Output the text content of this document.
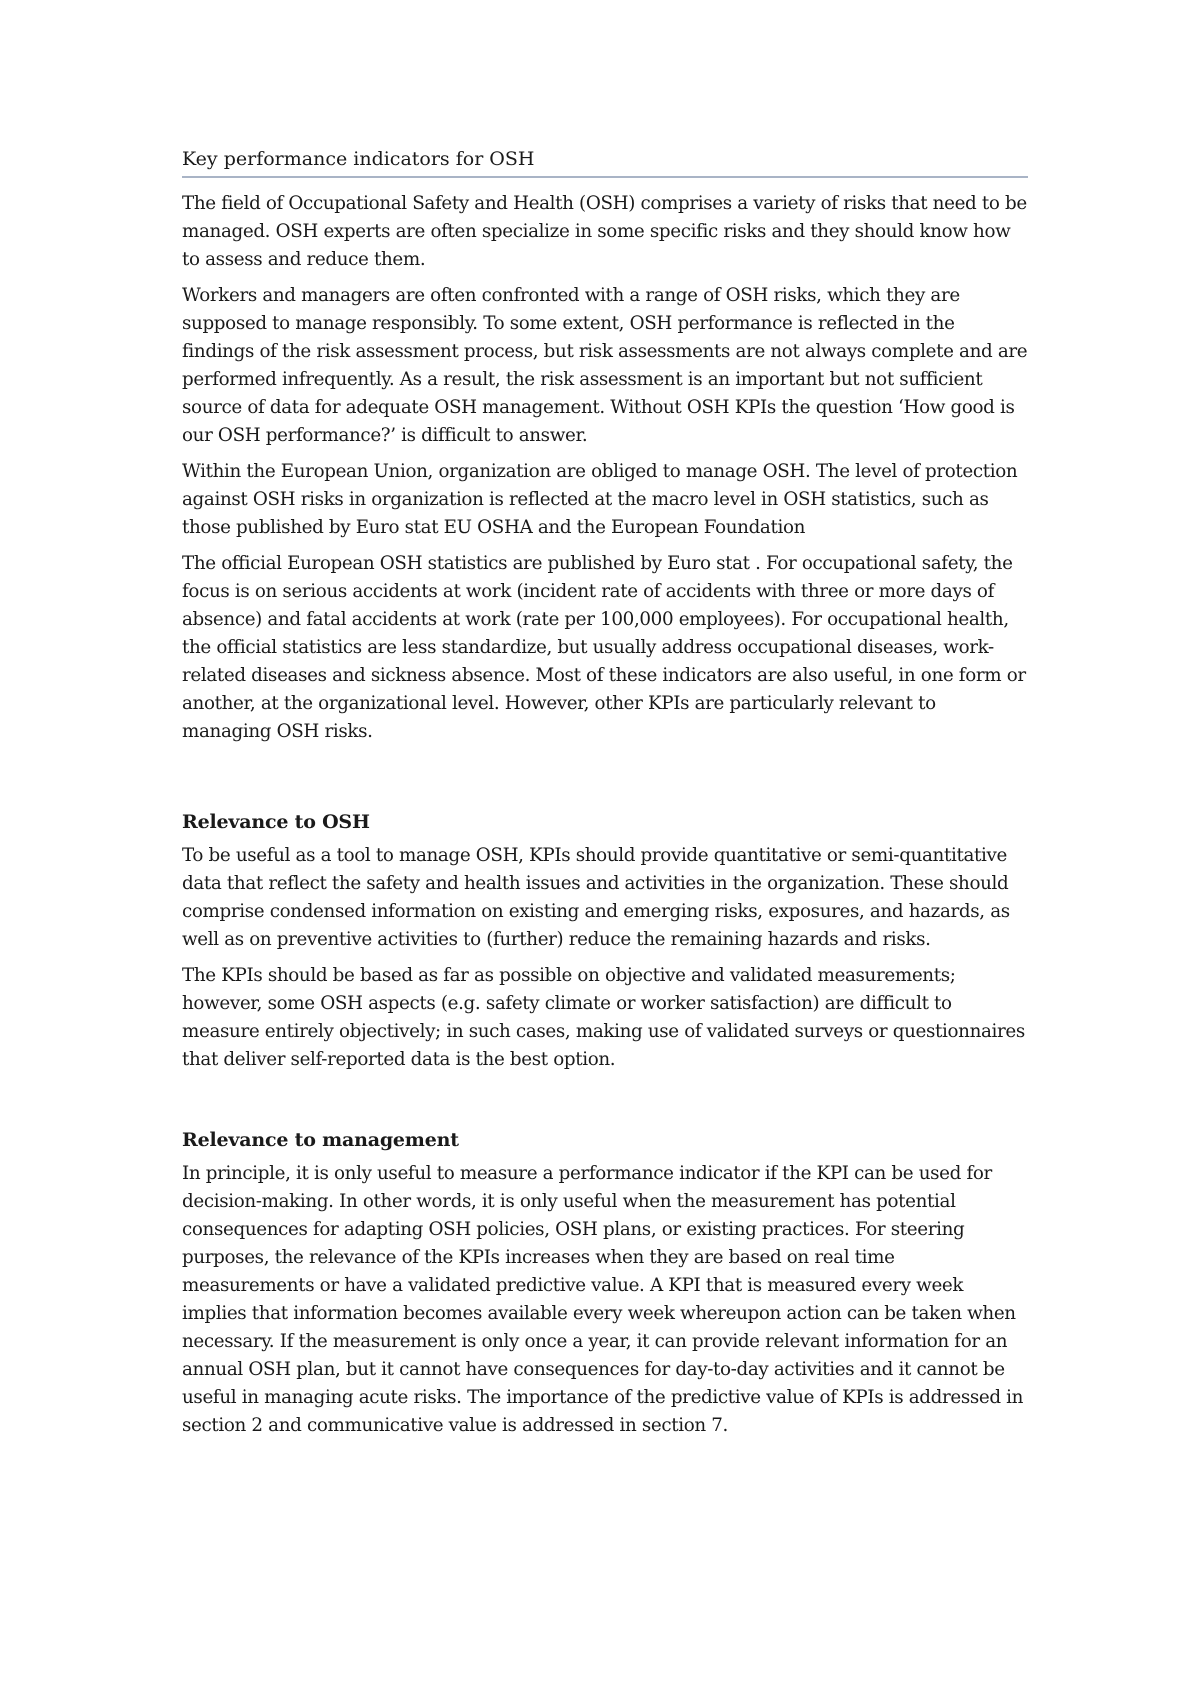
Key performance indicators for OSH

The field of Occupational Safety and Health (OSH) comprises a variety of risks that need to be managed. OSH experts are often specialize in some specific risks and they should know how to assess and reduce them.

Workers and managers are often confronted with a range of OSH risks, which they are supposed to manage responsibly. To some extent, OSH performance is reflected in the findings of the risk assessment process, but risk assessments are not always complete and are performed infrequently. As a result, the risk assessment is an important but not sufficient source of data for adequate OSH management. Without OSH KPIs the question ‘How good is our OSH performance?’ is difficult to answer.

Within the European Union, organization are obliged to manage OSH. The level of protection against OSH risks in organization is reflected at the macro level in OSH statistics, such as those published by Euro stat EU OSHA and the European Foundation

The official European OSH statistics are published by Euro stat . For occupational safety, the focus is on serious accidents at work (incident rate of accidents with three or more days of absence) and fatal accidents at work (rate per 100,000 employees). For occupational health, the official statistics are less standardize, but usually address occupational diseases, work-related diseases and sickness absence. Most of these indicators are also useful, in one form or another, at the organizational level. However, other KPIs are particularly relevant to managing OSH risks.

Relevance to OSH

To be useful as a tool to manage OSH, KPIs should provide quantitative or semi-quantitative data that reflect the safety and health issues and activities in the organization. These should comprise condensed information on existing and emerging risks, exposures, and hazards, as well as on preventive activities to (further) reduce the remaining hazards and risks.

The KPIs should be based as far as possible on objective and validated measurements; however, some OSH aspects (e.g. safety climate or worker satisfaction) are difficult to measure entirely objectively; in such cases, making use of validated surveys or questionnaires that deliver self-reported data is the best option.

Relevance to management

In principle, it is only useful to measure a performance indicator if the KPI can be used for decision-making. In other words, it is only useful when the measurement has potential consequences for adapting OSH policies, OSH plans, or existing practices. For steering purposes, the relevance of the KPIs increases when they are based on real time measurements or have a validated predictive value. A KPI that is measured every week implies that information becomes available every week whereupon action can be taken when necessary. If the measurement is only once a year, it can provide relevant information for an annual OSH plan, but it cannot have consequences for day-to-day activities and it cannot be useful in managing acute risks. The importance of the predictive value of KPIs is addressed in section 2 and communicative value is addressed in section 7.
